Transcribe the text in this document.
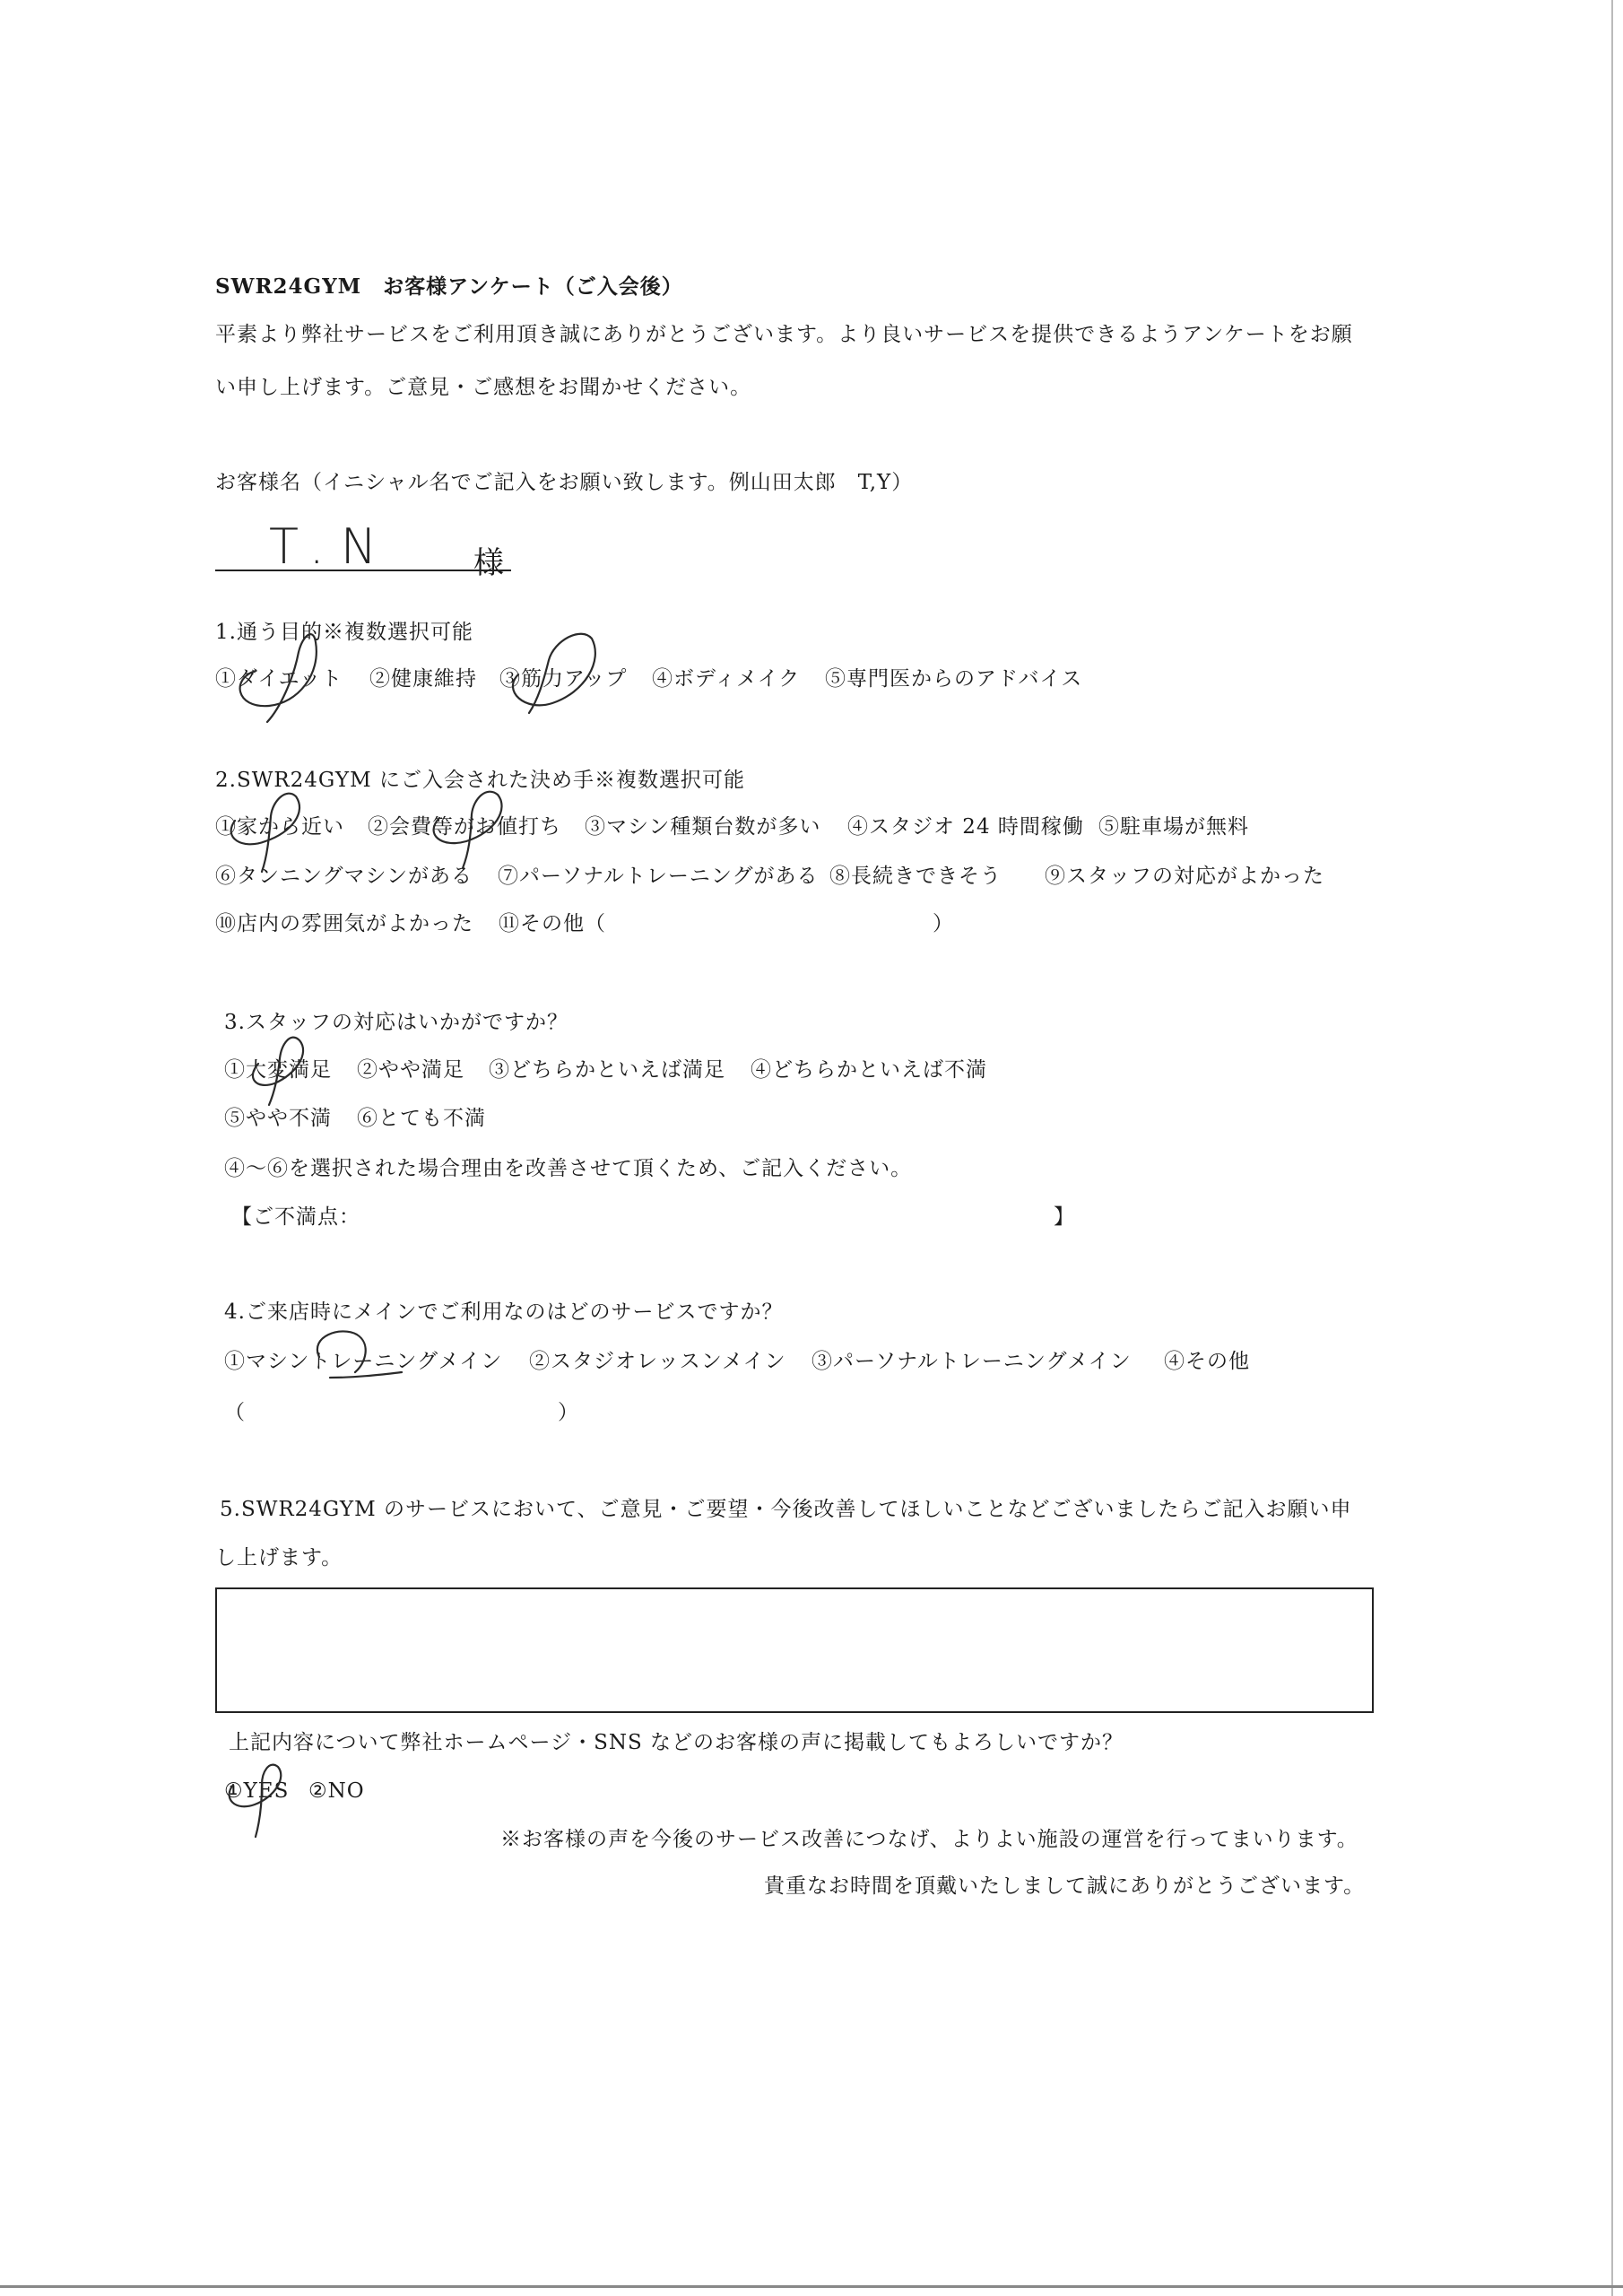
SWR24GYM　お客様アンケート（ご入会後）
平素より弊社サービスをご利用頂き誠にありがとうございます。より良いサービスを提供できるようアンケートをお願
い申し上げます。ご意見・ご感想をお聞かせください。
お客様名（イニシャル名でご記入をお願い致します。例山田太郎　T,Y）
T.N	様
1.通う目的※複数選択可能
①ダイエット ②健康維持 ③筋力アップ ④ボディメイク ⑤専門医からのアドバイス
2.SWR24GYM にご入会された決め手※複数選択可能
①家から近い ②会費等がお値打ち ③マシン種類台数が多い ④スタジオ 24 時間稼働 ⑤駐車場が無料
⑥タンニングマシンがある ⑦パーソナルトレーニングがある ⑧長続きできそう ⑨スタッフの対応がよかった
⑩店内の雰囲気がよかった ⑪その他（	）
3.スタッフの対応はいかがですか？
①大変満足 ②やや満足 ③どちらかといえば満足 ④どちらかといえば不満
⑤やや不満 ⑥とても不満
④～⑥を選択された場合理由を改善させて頂くため、ご記入ください。
【ご不満点：	】
4.ご来店時にメインでご利用なのはどのサービスですか？
①マシントレーニングメイン ②スタジオレッスンメイン ③パーソナルトレーニングメイン ④その他
（	）
5.SWR24GYM のサービスにおいて、ご意見・ご要望・今後改善してほしいことなどございましたらご記入お願い申
し上げます。
上記内容について弊社ホームページ・SNS などのお客様の声に掲載してもよろしいですか？
①YES ②NO
※お客様の声を今後のサービス改善につなげ、よりよい施設の運営を行ってまいります。
貴重なお時間を頂戴いたしまして誠にありがとうございます。
